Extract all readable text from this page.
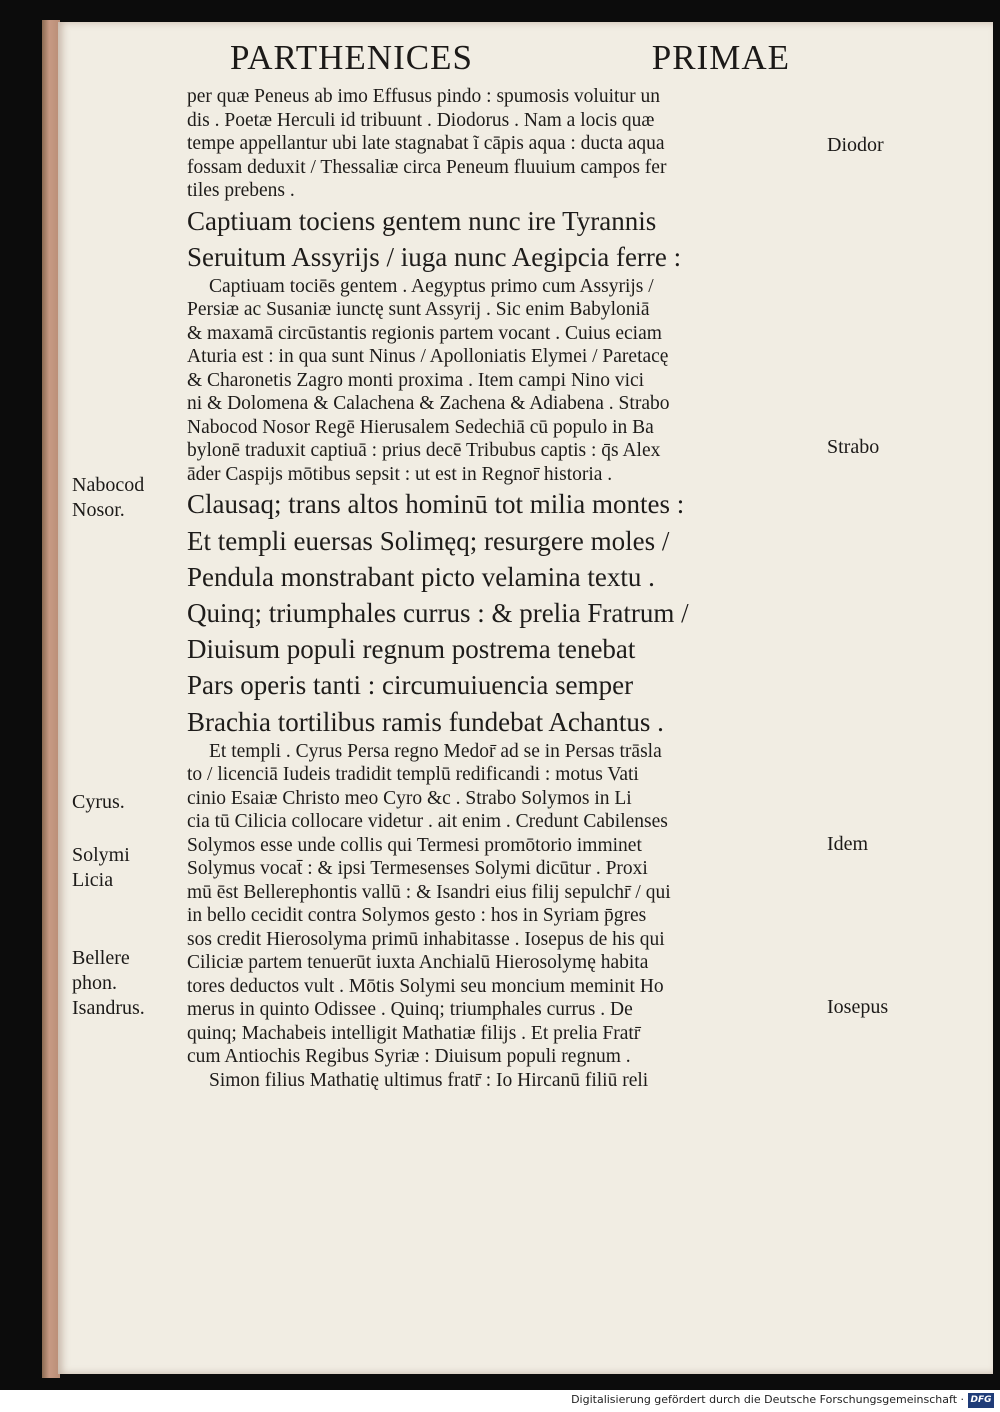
PARTHENICES	PRIMAE
per quæ Peneus ab imo Effusus pindo : spumosis voluitur un
dis . Poetæ Herculi id tribuunt . Diodorus . Nam a locis quæ
tempe appellantur ubi late stagnabat ĩ cāpis aqua : ducta aqua
fossam deduxit / Thessaliæ circa Peneum fluuium campos fer
tiles prebens .
Captiuam tociens gentem nunc ire Tyrannis
Seruitum Assyrijs / iuga nunc Aegipcia ferre :
Captiuam tociēs gentem . Aegyptus primo cum Assyrijs /
Persiæ ac Susaniæ iunctę sunt Assyrij . Sic enim Babyloniā
& maxamā circūstantis regionis partem vocant . Cuius eciam
Aturia est : in qua sunt Ninus / Apolloniatis Elymei / Paretacę
& Charonetis Zagro monti proxima . Item campi Nino vici
ni & Dolomena & Calachena & Zachena & Adiabena . Strabo
Nabocod Nosor Regē Hierusalem Sedechiā cū populo in Ba
bylonē traduxit captiuā : prius decē Tribubus captis : q̄s Alex
āder Caspijs mōtibus sepsit : ut est in Regnor̄ historia .
Clausaq; trans altos hominū tot milia montes :
Et templi euersas Solimęq; resurgere moles /
Pendula monstrabant picto velamina textu .
Quinq; triumphales currus : & prelia Fratrum /
Diuisum populi regnum postrema tenebat
Pars operis tanti : circumuiuencia semper
Brachia tortilibus ramis fundebat Achantus .
Et templi . Cyrus Persa regno Medor̄ ad se in Persas trāsla
to / licenciā Iudeis tradidit templū redificandi : motus Vati
cinio Esaiæ Christo meo Cyro &c . Strabo Solymos in Li
cia tū Cilicia collocare videtur . ait enim . Credunt Cabilenses
Solymos esse unde collis qui Termesi promōtorio imminet
Solymus vocat̄ : & ipsi Termesenses Solymi dicūtur . Proxi
mū ēst Bellerephontis vallū : & Isandri eius filij sepulchr̄ / qui
in bello cecidit contra Solymos gesto : hos in Syriam p̄gres
sos credit Hierosolyma primū inhabitasse . Iosepus de his qui
Ciliciæ partem tenuerūt iuxta Anchialū Hierosolymę habita
tores deductos vult . Mōtis Solymi seu moncium meminit Ho
merus in quinto Odissee . Quinq; triumphales currus . De
quinq; Machabeis intelligit Mathatiæ filijs . Et prelia Fratr̄
cum Antiochis Regibus Syriæ : Diuisum populi regnum .
Simon filius Mathatię ultimus fratr̄ : Io Hircanū filiū reli
Diodor
Strabo
Idem
Iosepus
Nabocod
Nosor.
Cyrus.
Solymi
Licia
Bellere
phon.
Isandrus.
Digitalisierung gefördert durch die Deutsche Forschungsgemeinschaft · DFG
